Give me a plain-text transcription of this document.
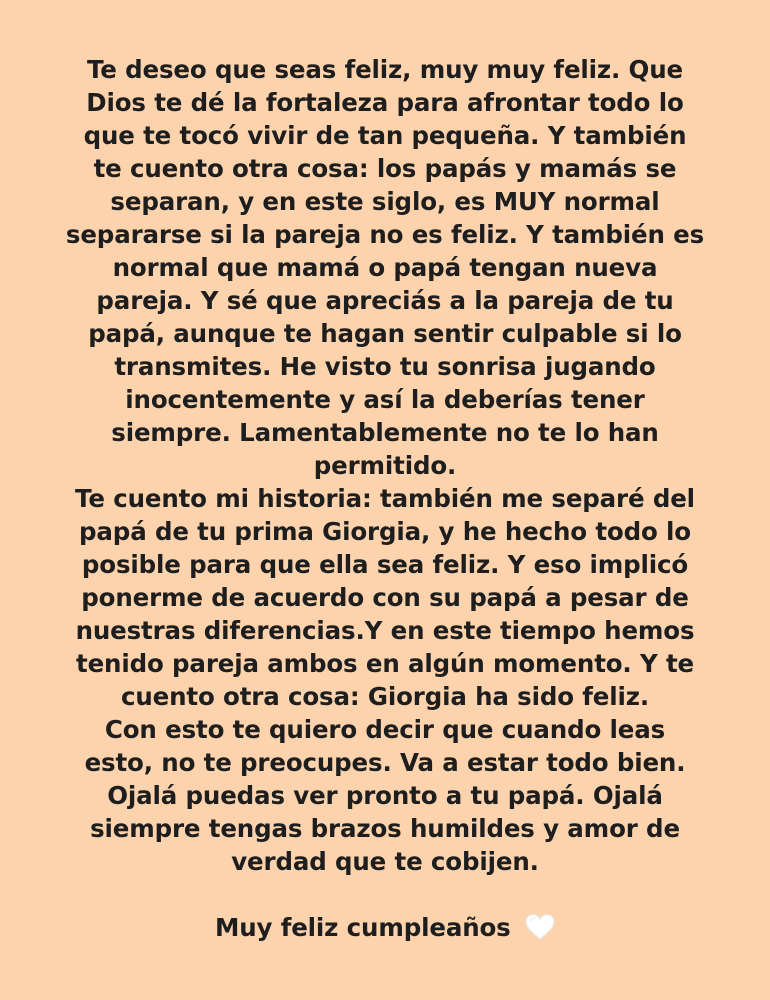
Te deseo que seas feliz, muy muy feliz. Que
Dios te dé la fortaleza para afrontar todo lo
que te tocó vivir de tan pequeña. Y también
te cuento otra cosa: los papás y mamás se
separan, y en este siglo, es MUY normal
separarse si la pareja no es feliz. Y también es
normal que mamá o papá tengan nueva
pareja. Y sé que apreciás a la pareja de tu
papá, aunque te hagan sentir culpable si lo
transmites. He visto tu sonrisa jugando
inocentemente y así la deberías tener
siempre. Lamentablemente no te lo han
permitido.
Te cuento mi historia: también me separé del
papá de tu prima Giorgia, y he hecho todo lo
posible para que ella sea feliz. Y eso implicó
ponerme de acuerdo con su papá a pesar de
nuestras diferencias.Y en este tiempo hemos
tenido pareja ambos en algún momento. Y te
cuento otra cosa: Giorgia ha sido feliz.
Con esto te quiero decir que cuando leas
esto, no te preocupes. Va a estar todo bien.
Ojalá puedas ver pronto a tu papá. Ojalá
siempre tengas brazos humildes y amor de
verdad que te cobijen.
Muy feliz cumpleaños
